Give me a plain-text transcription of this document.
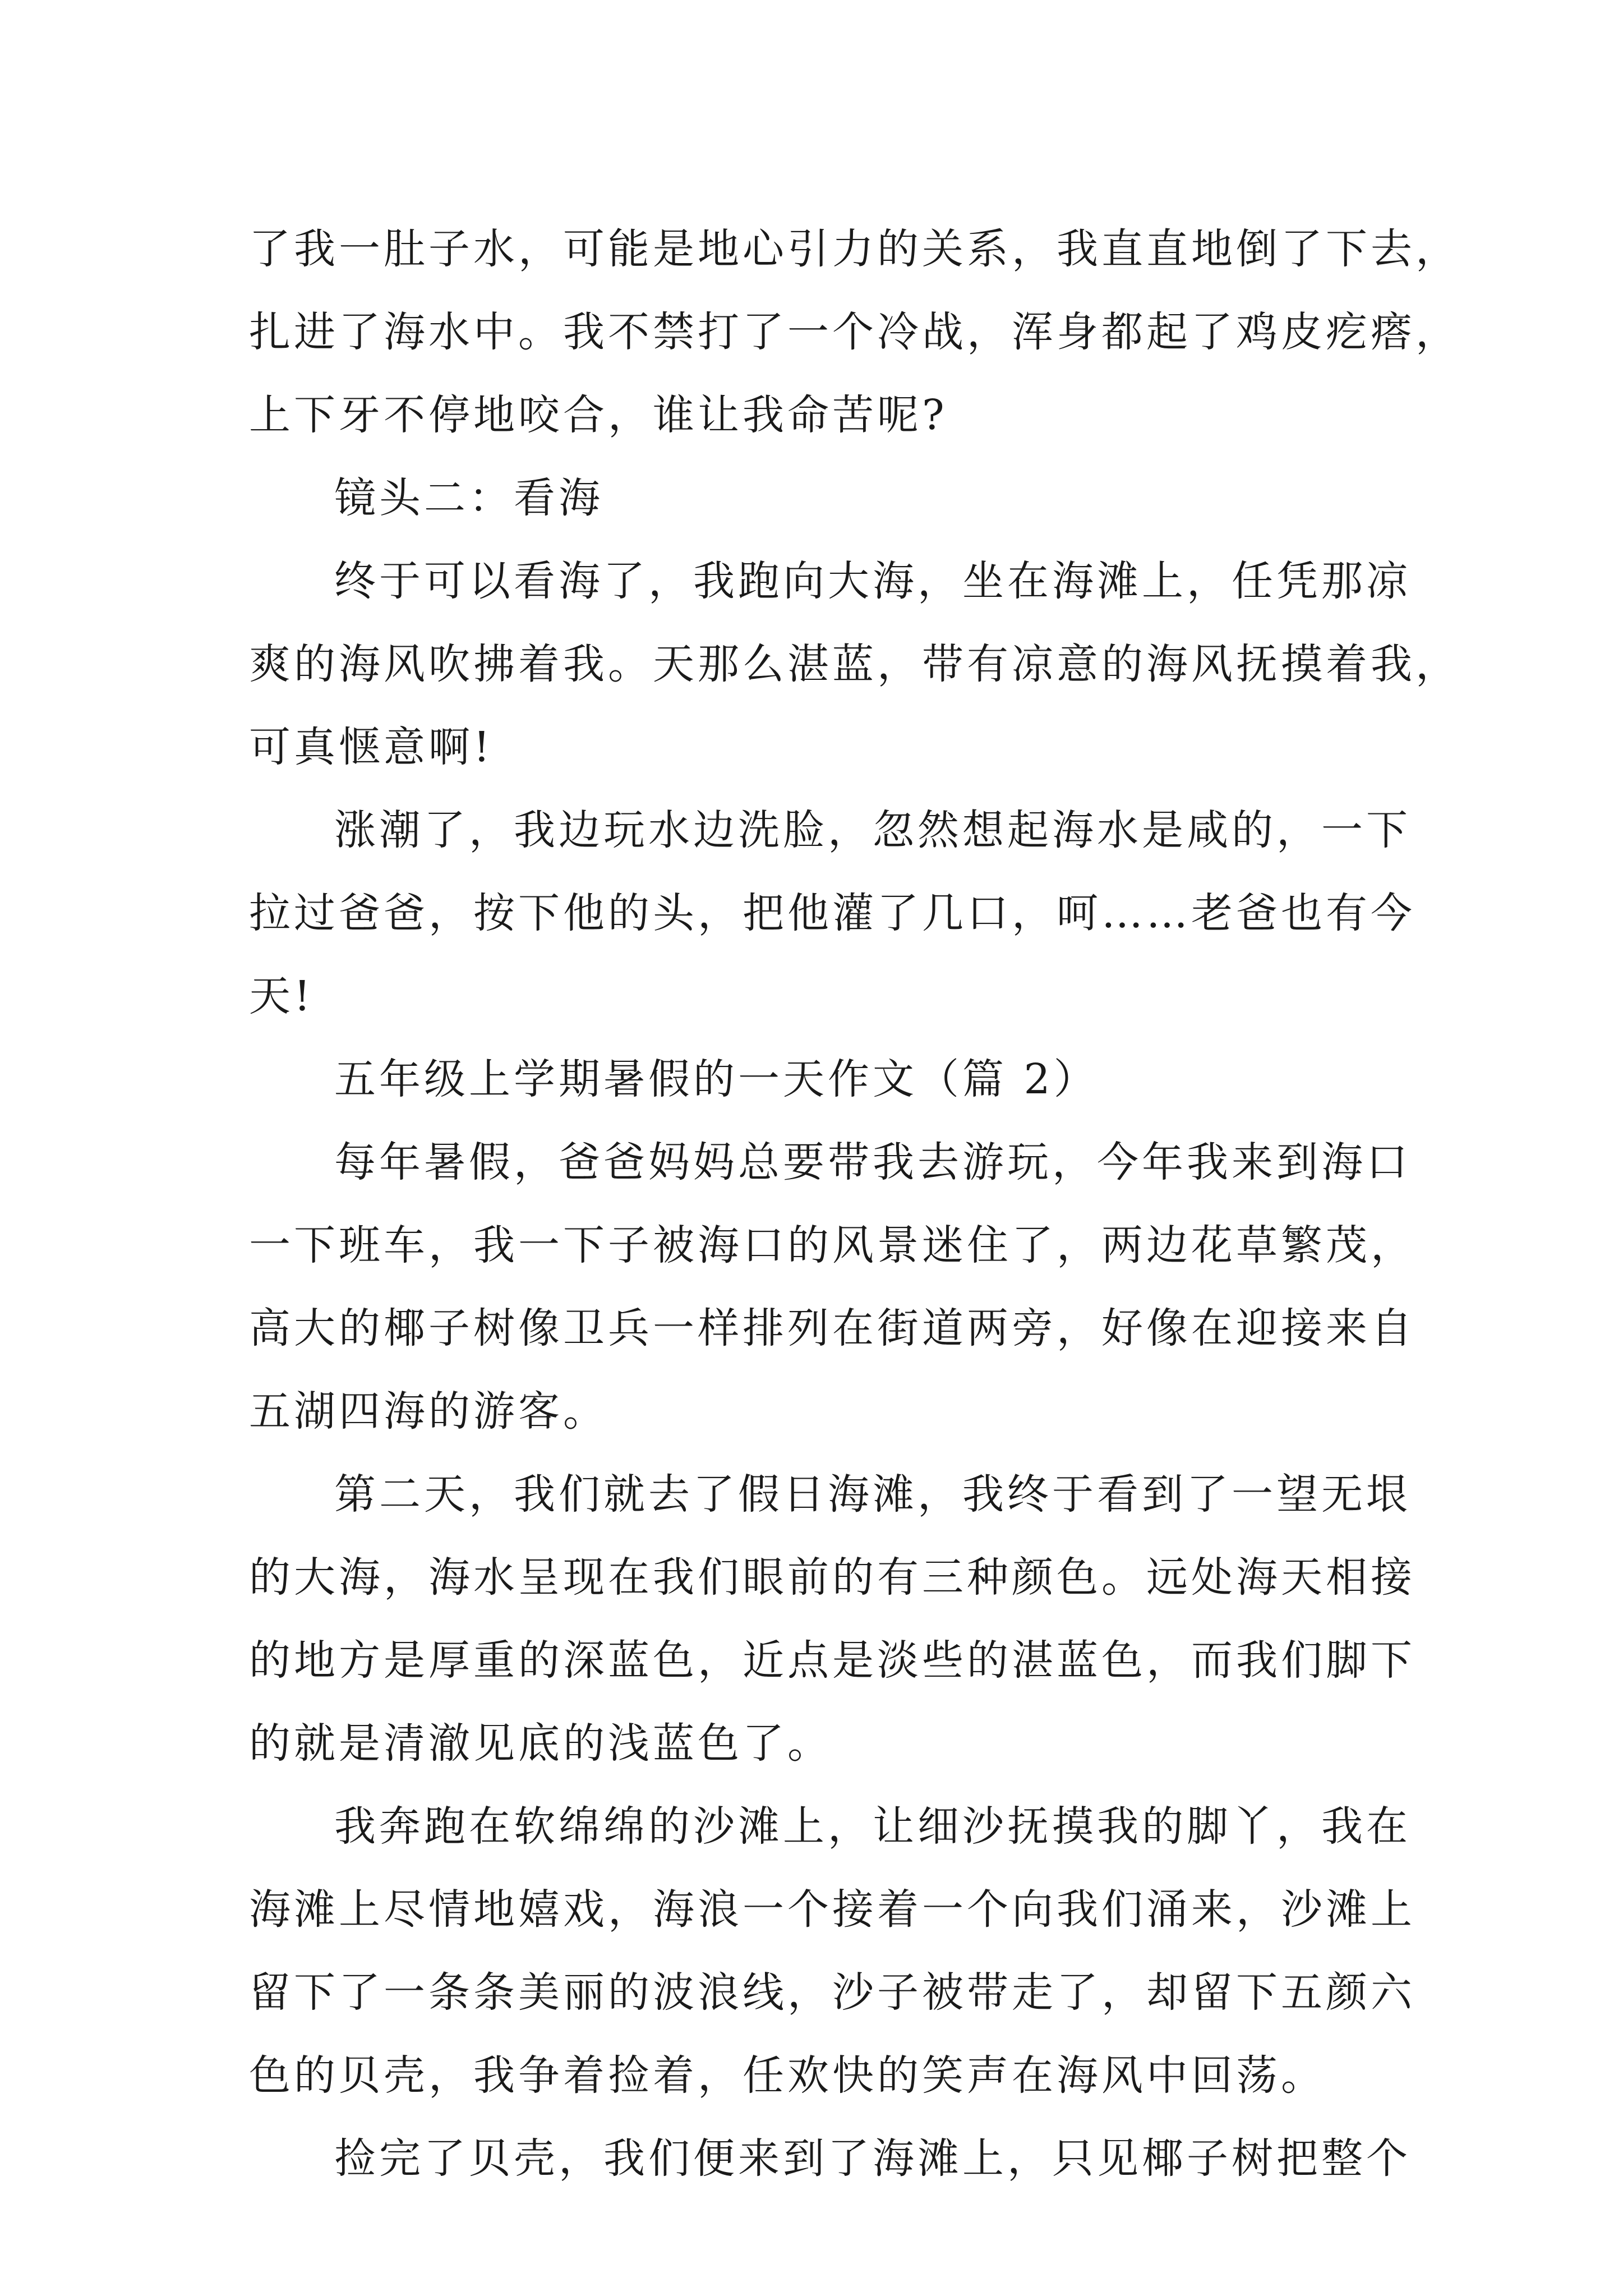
了我一肚子水，可能是地心引力的关系，我直直地倒了下去，
扎进了海水中。我不禁打了一个冷战，浑身都起了鸡皮疙瘩，
上下牙不停地咬合，谁让我命苦呢?
镜头二：看海
终于可以看海了，我跑向大海，坐在海滩上，任凭那凉
爽的海风吹拂着我。天那么湛蓝，带有凉意的海风抚摸着我，
可真惬意啊!
涨潮了，我边玩水边洗脸，忽然想起海水是咸的，一下
拉过爸爸，按下他的头，把他灌了几口，呵……老爸也有今
天!
五年级上学期暑假的一天作文（篇 2）
每年暑假，爸爸妈妈总要带我去游玩，今年我来到海口
一下班车，我一下子被海口的风景迷住了，两边花草繁茂，
高大的椰子树像卫兵一样排列在街道两旁，好像在迎接来自
五湖四海的游客。
第二天，我们就去了假日海滩，我终于看到了一望无垠
的大海，海水呈现在我们眼前的有三种颜色。远处海天相接
的地方是厚重的深蓝色，近点是淡些的湛蓝色，而我们脚下
的就是清澈见底的浅蓝色了。
我奔跑在软绵绵的沙滩上，让细沙抚摸我的脚丫，我在
海滩上尽情地嬉戏，海浪一个接着一个向我们涌来，沙滩上
留下了一条条美丽的波浪线，沙子被带走了，却留下五颜六
色的贝壳，我争着捡着，任欢快的笑声在海风中回荡。
捡完了贝壳，我们便来到了海滩上，只见椰子树把整个
